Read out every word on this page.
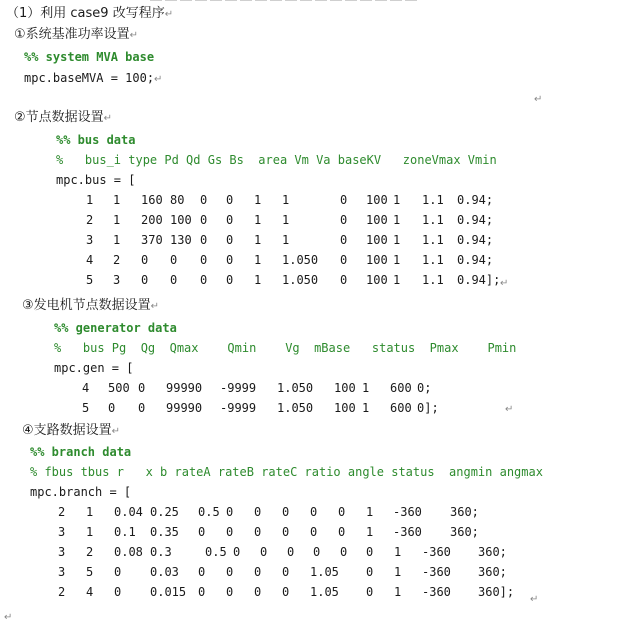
（1）利用 case9 改写程序↵
①系统基准功率设置↵
%% system MVA base
mpc.baseMVA = 100;↵
↵
②节点数据设置↵
%% bus data
%   bus_i type Pd Qd Gs Bs  area Vm Va baseKV   zoneVmax Vmin
mpc.bus = [
1 1 160 80 0 0 1 1	0 100 1 1.1 0.94;
2 1 200 100 0 0 1 1	0 100 1 1.1 0.94;
3 1 370 130 0 0 1 1	0 100 1 1.1 0.94;
4 2 0 0 0 0 1 1.050 0 100 1 1.1 0.94;
5 3 0 0 0 0 1 1.050 0 100 1 1.1 0.94]; ↵
③发电机节点数据设置↵
%% generator data
%   bus Pg  Qg  Qmax    Qmin    Vg  mBase   status  Pmax    Pmin
mpc.gen = [
4 500 0 99990 -9999 1.050 100 1 600 0;
5 0 0 99990 -9999 1.050 100 1 600 0];	↵
④支路数据设置↵
%% branch data
% fbus tbus r   x b rateA rateB rateC ratio angle status  angmin angmax
mpc.branch = [
2 1 0.04 0.25 0.5 0 0 0 0 0 1 -360 360;
3 1 0.1 0.35 0 0 0 0 0 0 1 -360 360;
3 2 0.08 0.3	0.5 0 0 0 0 0 0 1 -360 360;
3 5 0 0.03 0 0 0 0 1.05 0 1 -360 360;
2 4 0 0.015 0 0 0 0 1.05 0 1 -360 360];
↵
↵
